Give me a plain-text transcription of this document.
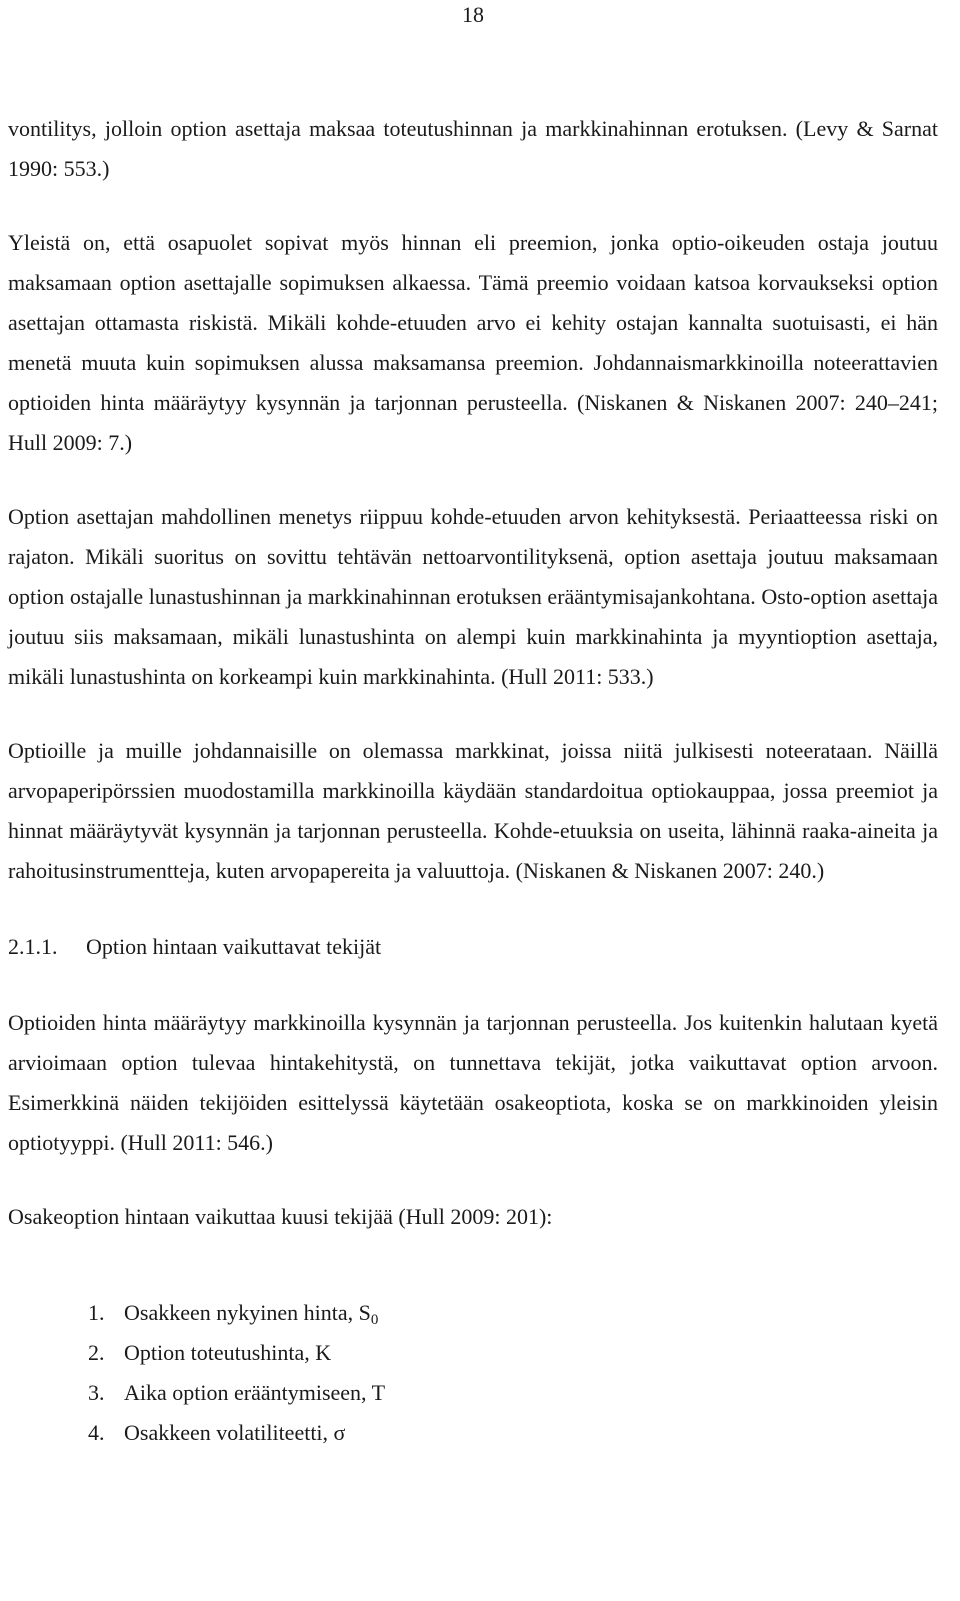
18

vontilitys, jolloin option asettaja maksaa toteutushinnan ja markkinahinnan erotuksen. (Levy & Sarnat 1990: 553.)

Yleistä on, että osapuolet sopivat myös hinnan eli preemion, jonka optio-oikeuden ostaja joutuu maksamaan option asettajalle sopimuksen alkaessa. Tämä preemio voidaan katsoa korvaukseksi option asettajan ottamasta riskistä. Mikäli kohde-etuuden arvo ei kehity ostajan kannalta suotuisasti, ei hän menetä muuta kuin sopimuksen alussa maksamansa preemion. Johdannaismarkkinoilla noteerattavien optioiden hinta määräytyy kysynnän ja tarjonnan perusteella. (Niskanen & Niskanen 2007: 240–241; Hull 2009: 7.)

Option asettajan mahdollinen menetys riippuu kohde-etuuden arvon kehityksestä. Periaatteessa riski on rajaton. Mikäli suoritus on sovittu tehtävän nettoarvontilityksenä, option asettaja joutuu maksamaan option ostajalle lunastushinnan ja markkinahinnan erotuksen erääntymisajankohtana. Osto-option asettaja joutuu siis maksamaan, mikäli lunastushinta on alempi kuin markkinahinta ja myyntioption asettaja, mikäli lunastushinta on korkeampi kuin markkinahinta. (Hull 2011: 533.)

Optioille ja muille johdannaisille on olemassa markkinat, joissa niitä julkisesti noteerataan. Näillä arvopaperipörssien muodostamilla markkinoilla käydään standardoitua optiokauppaa, jossa preemiot ja hinnat määräytyvät kysynnän ja tarjonnan perusteella. Kohde-etuuksia on useita, lähinnä raaka-aineita ja rahoitusinstrumentteja, kuten arvopapereita ja valuuttoja. (Niskanen & Niskanen 2007: 240.)

2.1.1. Option hintaan vaikuttavat tekijät

Optioiden hinta määräytyy markkinoilla kysynnän ja tarjonnan perusteella. Jos kuitenkin halutaan kyetä arvioimaan option tulevaa hintakehitystä, on tunnettava tekijät, jotka vaikuttavat option arvoon. Esimerkkinä näiden tekijöiden esittelyssä käytetään osakeoptiota, koska se on markkinoiden yleisin optiotyyppi. (Hull 2011: 546.)

Osakeoption hintaan vaikuttaa kuusi tekijää (Hull 2009: 201):

1. Osakkeen nykyinen hinta, $S_0$
2. Option toteutushinta, K
3. Aika option erääntymiseen, T
4. Osakkeen volatiliteetti, σ
